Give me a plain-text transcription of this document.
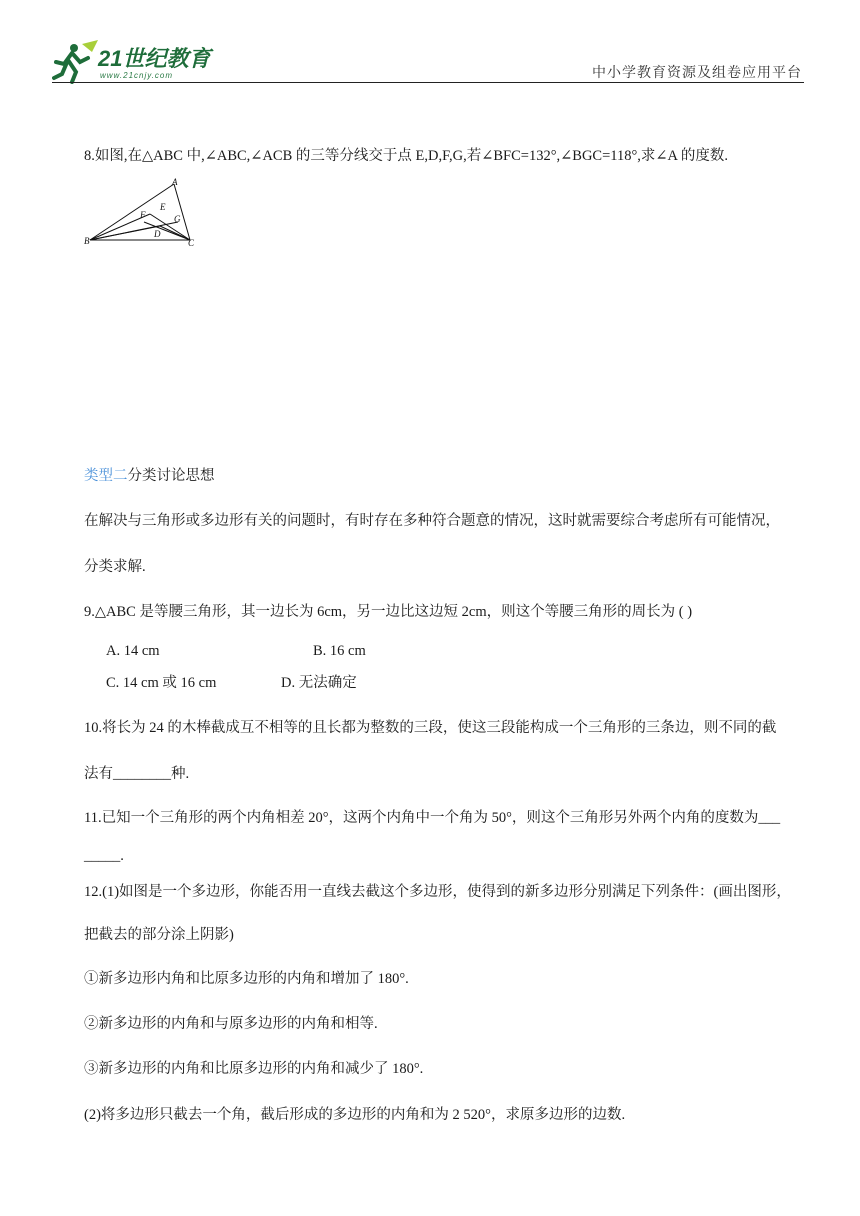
21世纪教育
www.21cnjy.com	中小学教育资源及组卷应用平台
8.如图,在△ABC 中,∠ABC,∠ACB 的三等分线交于点 E,D,F,G,若∠BFC=132°,∠BGC=118°,求∠A 的度数.
A
B	C
D
E
F	G
类型二分类讨论思想
在解决与三角形或多边形有关的问题时，有时存在多种符合题意的情况，这时就需要综合考虑所有可能情况，
分类求解.
9.△ABC 是等腰三角形，其一边长为 6cm，另一边比这边短 2cm，则这个等腰三角形的周长为 ( )
A. 14 cm	B. 16 cm
C. 14 cm 或 16 cm	D. 无法确定
10.将长为 24 的木棒截成互不相等的且长都为整数的三段，使这三段能构成一个三角形的三条边，则不同的截
法有________种.
11.已知一个三角形的两个内角相差 20°，这两个内角中一个角为 50°，则这个三角形另外两个内角的度数为___
_____.
12.(1)如图是一个多边形，你能否用一直线去截这个多边形，使得到的新多边形分别满足下列条件：(画出图形，
把截去的部分涂上阴影)
①新多边形内角和比原多边形的内角和增加了 180°.
②新多边形的内角和与原多边形的内角和相等.
③新多边形的内角和比原多边形的内角和减少了 180°.
(2)将多边形只截去一个角，截后形成的多边形的内角和为 2 520°，求原多边形的边数.
